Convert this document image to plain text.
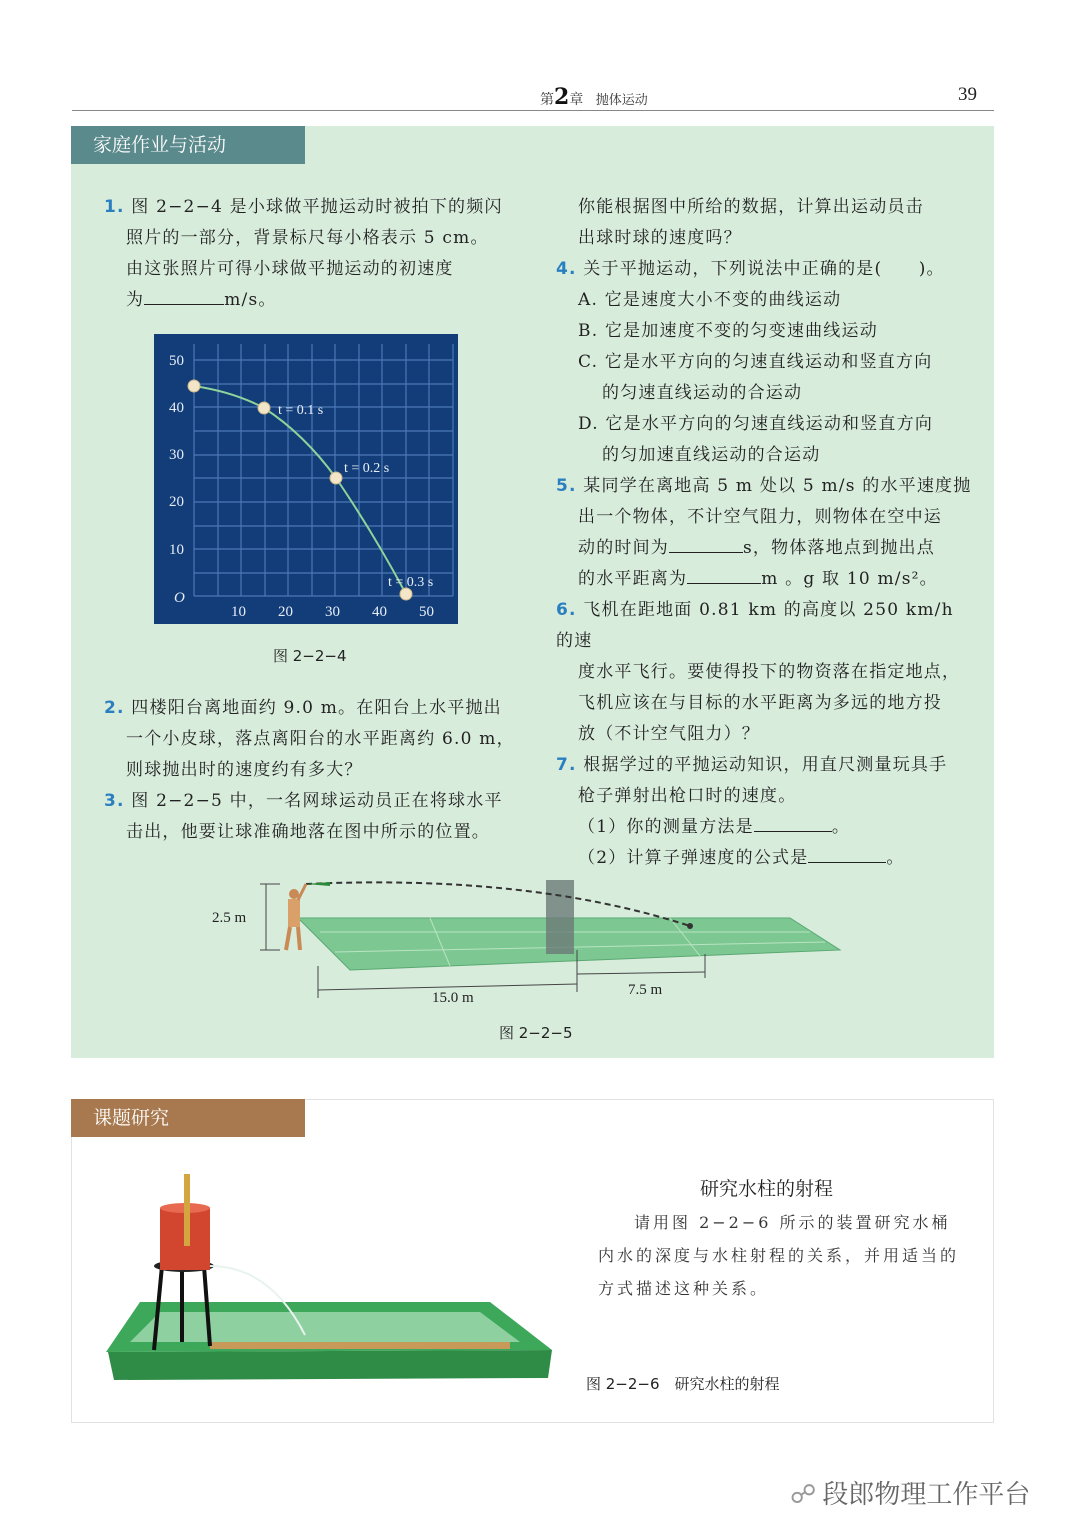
第2章 抛体运动	39
家庭作业与活动
1. 图 2−2−4 是小球做平抛运动时被拍下的频闪
照片的一部分，背景标尺每小格表示 5 cm。
由这张照片可得小球做平抛运动的初速度
为	m/s。
50
40
30
20
10
O
10 20 30 40 50
t = 0.1 s
t = 0.2 s
t = 0.3 s
图 2−2−4
2. 四楼阳台离地面约 9.0 m。在阳台上水平抛出
一个小皮球，落点离阳台的水平距离约 6.0 m，
则球抛出时的速度约有多大？
3. 图 2−2−5 中，一名网球运动员正在将球水平
击出，他要让球准确地落在图中所示的位置。
你能根据图中所给的数据，计算出运动员击
出球时球的速度吗？
4. 关于平抛运动，下列说法中正确的是(　　)。
A. 它是速度大小不变的曲线运动
B. 它是加速度不变的匀变速曲线运动
C. 它是水平方向的匀速直线运动和竖直方向
的匀速直线运动的合运动
D. 它是水平方向的匀速直线运动和竖直方向
的匀加速直线运动的合运动
5. 某同学在离地高 5 m 处以 5 m/s 的水平速度抛
出一个物体，不计空气阻力，则物体在空中运
动的时间为	s，物体落地点到抛出点
的水平距离为	m 。g 取 10 m/s²。
6. 飞机在距地面 0.81 km 的高度以 250 km/h 的速
度水平飞行。要使得投下的物资落在指定地点，
飞机应该在与目标的水平距离为多远的地方投
放（不计空气阻力）？
7. 根据学过的平抛运动知识，用直尺测量玩具手
枪子弹射出枪口时的速度。
（1）你的测量方法是	。
（2）计算子弹速度的公式是	。
2.5 m
15.0 m	7.5 m
图 2−2−5
课题研究
图 2−2−6　研究水柱的射程
研究水柱的射程
请用图 2−2−6 所示的装置研究水桶内水的深度与水柱射程的关系，并用适当的方式描述这种关系。
☍ 段郎物理工作平台
